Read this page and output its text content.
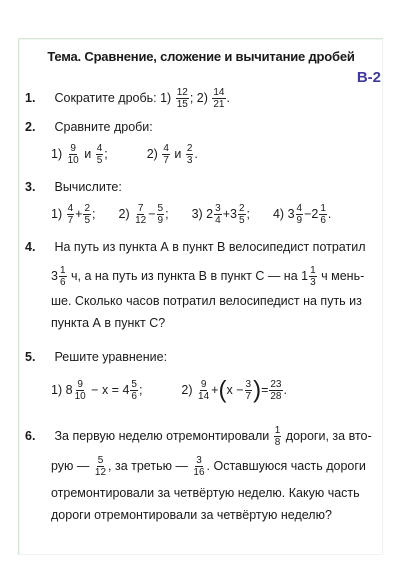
Тема. Сравнение, сложение и вычитание дробей
В-2
1. Сократите дробь: $1) \frac{12}{15}$ ; $2) \frac{14}{21}$ .
2. Сравните дроби:
$1) \frac{9}{10}$ и $\frac{4}{5}$ ;	$2) \frac{4}{7}$ и $\frac{2}{3}$ .
3. Вычислите:
$1) \frac{4}{7} + \frac{2}{5}$ ; $2) \frac{7}{12} - \frac{5}{9}$ ; 3) $2 \frac{3}{4} +3 \frac{2}{5}$ ; 4) $3 \frac{4}{9} -2 \frac{1}{6}$ .
4. На путь из пункта А в пункт В велосипедист потратил
$3 \frac{1}{6} ч$, а на путь из пункта В в пункт С — на $1 \frac{1}{3}$ ч мень-
ше. Сколько часов потратил велосипедист на путь из
пункта А в пункт С?
5. Решите уравнение:
1) $8 \frac{9}{10} - x = 4 \frac{5}{6}$ ;	$2) \frac{9}{14} +(x - \frac{3}{7}$ )= $\frac{23}{28}$ .
6. За первую неделю отремонтировали $\frac{1}{8}$ дороги, за вто-
рую — $\frac{5}{12}$ , за третью — $\frac{3}{16}$ . Оставшуюся часть дороги
отремонтировали за четвёртую неделю. Какую часть
дороги отремонтировали за четвёртую неделю?
